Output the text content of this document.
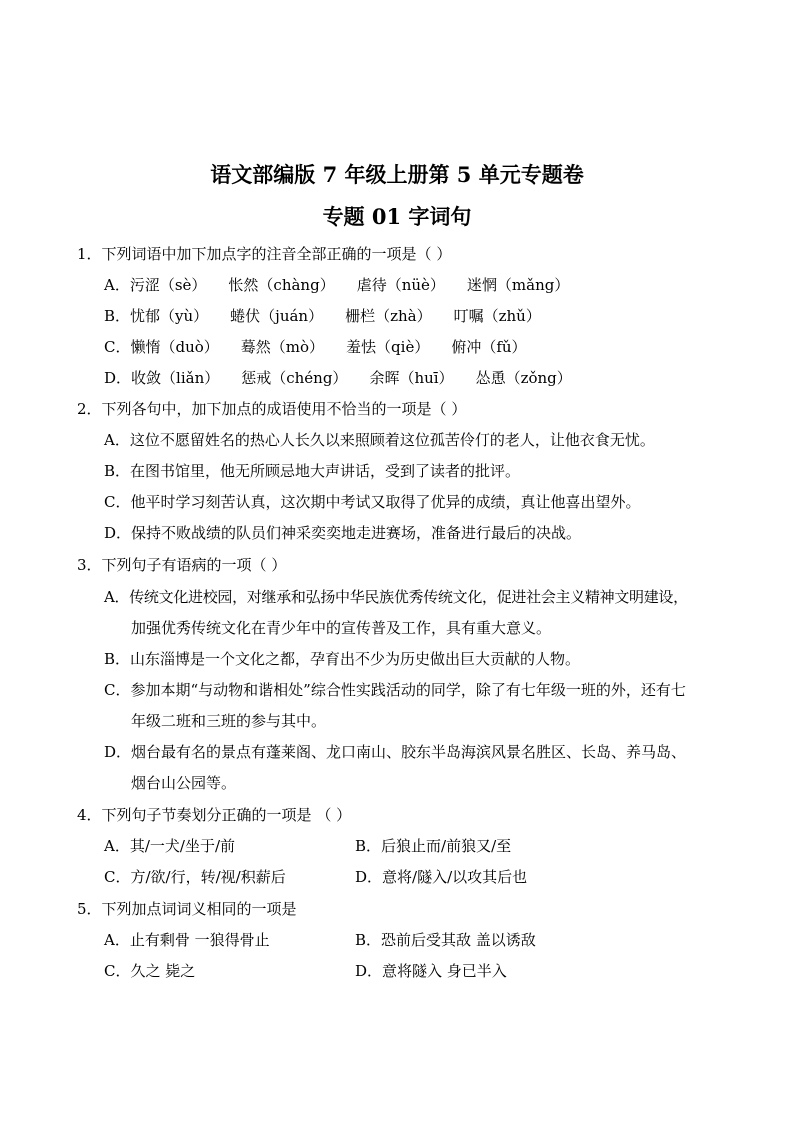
语文部编版 7 年级上册第 5 单元专题卷
专题 01 字词句
1．下列词语中加下加点字的注音全部正确的一项是（ ）
A．污涩（sè） 怅然（chàng） 虐待（nüè） 迷惘（mǎng）
B．忧郁（yù） 蜷伏（juán） 栅栏（zhà） 叮嘱（zhǔ）
C．懒惰（duò） 蓦然（mò） 羞怯（qiè） 俯冲（fǔ）
D．收敛（liǎn） 惩戒（chéng） 余晖（huī） 怂恿（zǒng）
2．下列各句中，加下加点的成语使用不恰当的一项是（ ）
A．这位不愿留姓名的热心人长久以来照顾着这位孤苦伶仃的老人，让他衣食无忧。
B．在图书馆里，他无所顾忌地大声讲话，受到了读者的批评。
C．他平时学习刻苦认真，这次期中考试又取得了优异的成绩，真让他喜出望外。
D．保持不败战绩的队员们神采奕奕地走进赛场，准备进行最后的决战。
3．下列句子有语病的一项（ ）
A．传统文化进校园，对继承和弘扬中华民族优秀传统文化，促进社会主义精神文明建设，
加强优秀传统文化在青少年中的宣传普及工作，具有重大意义。
B．山东淄博是一个文化之都，孕育出不少为历史做出巨大贡献的人物。
C．参加本期“与动物和谐相处”综合性实践活动的同学，除了有七年级一班的外，还有七
年级二班和三班的参与其中。
D．烟台最有名的景点有蓬莱阁、龙口南山、胶东半岛海滨风景名胜区、长岛、养马岛、
烟台山公园等。
4．下列句子节奏划分正确的一项是 （ ）
A．其/一犬/坐于/前	B．后狼止而/前狼又/至
C．方/欲/行，转/视/积薪后	D．意将/隧入/以攻其后也
5．下列加点词词义相同的一项是
A．止有剩骨 一狼得骨止	B．恐前后受其敌 盖以诱敌
C．久之 毙之	D．意将隧入 身已半入
